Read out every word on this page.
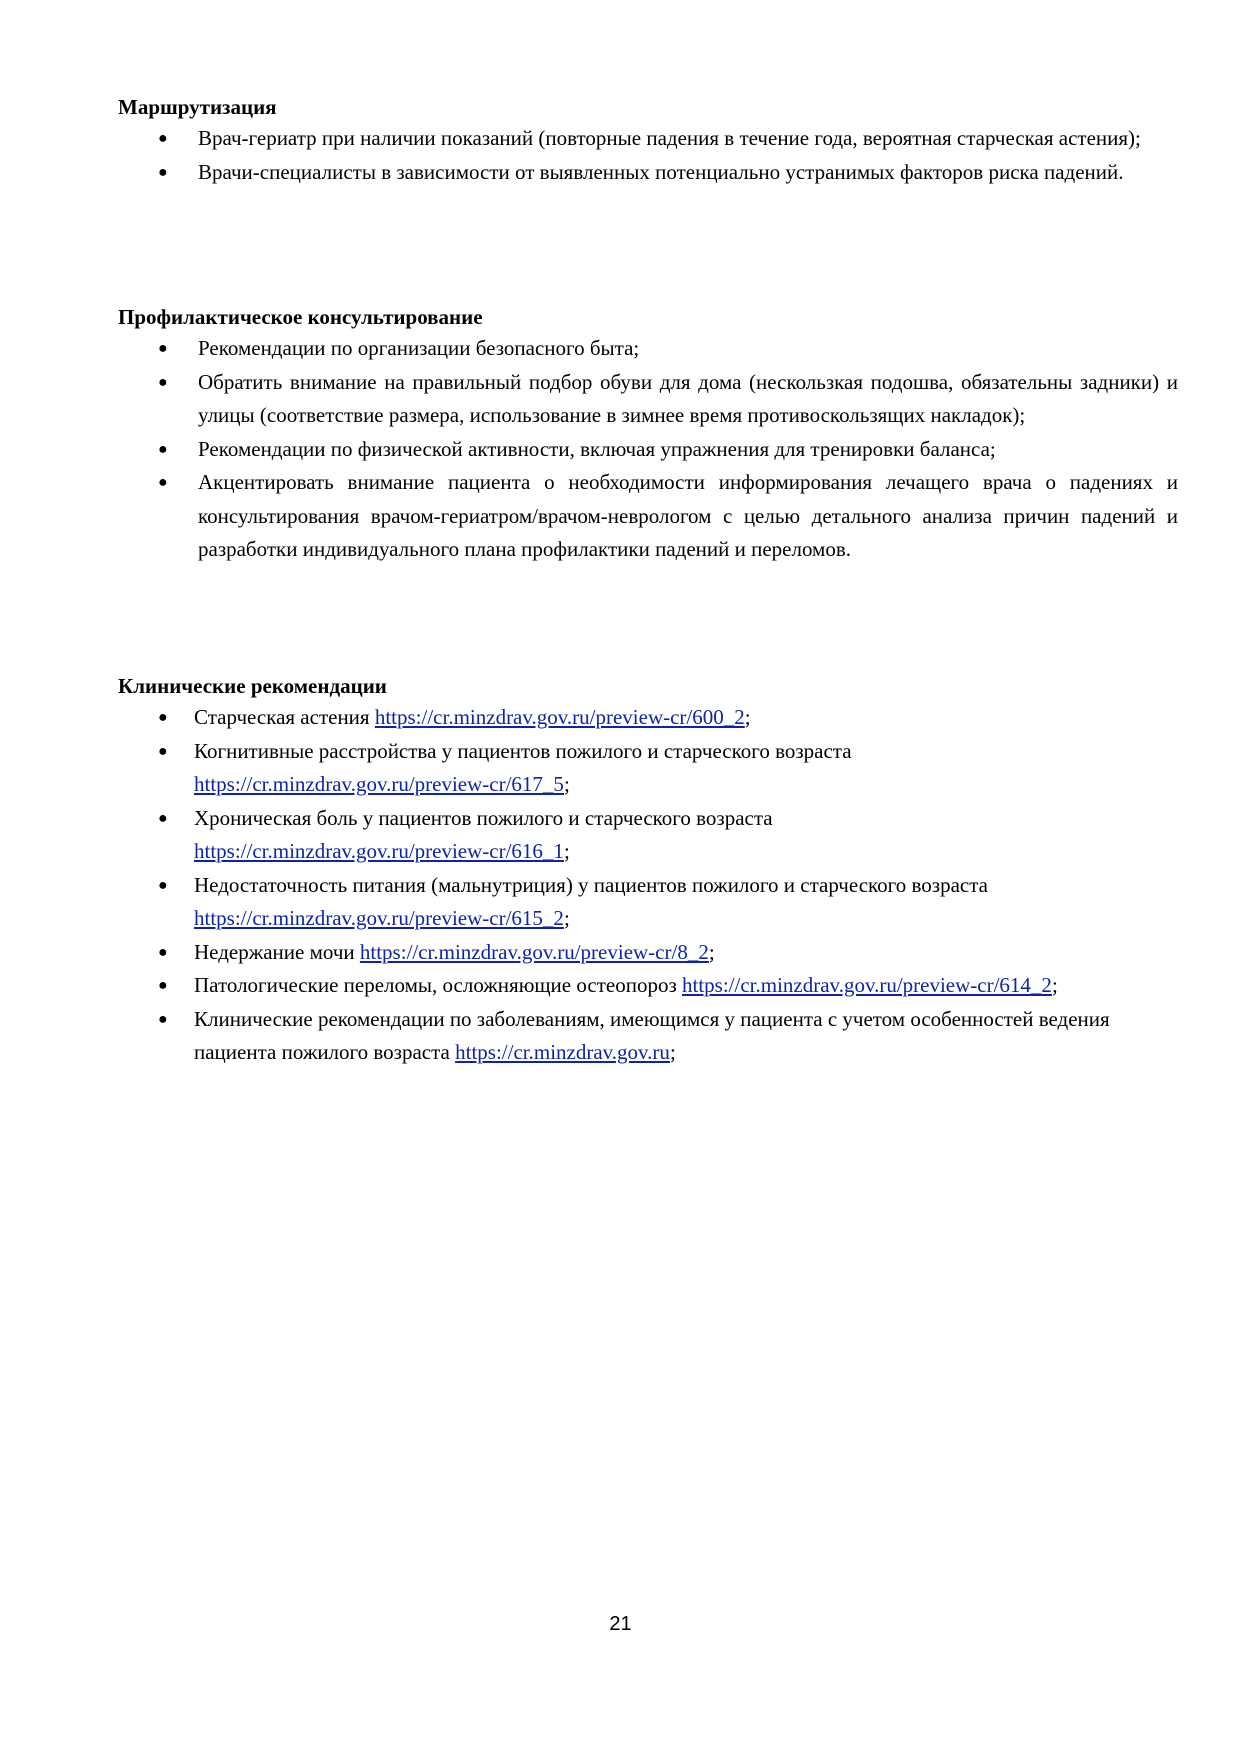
Маршрутизация

● Врач-гериатр при наличии показаний (повторные падения в течение года, вероятная старческая астения);
● Врачи-специалисты в зависимости от выявленных потенциально устранимых факторов риска падений.

Профилактическое консультирование

● Рекомендации по организации безопасного быта;
● Обратить внимание на правильный подбор обуви для дома (нескользкая подошва, обязательны задники) и улицы (соответствие размера, использование в зимнее время противоскользящих накладок);
● Рекомендации по физической активности, включая упражнения для тренировки баланса;
● Акцентировать внимание пациента о необходимости информирования лечащего врача о падениях и консультирования врачом-гериатром/врачом-неврологом с целью детального анализа причин падений и разработки индивидуального плана профилактики падений и переломов.

Клинические рекомендации

● Старческая астения https://cr.minzdrav.gov.ru/preview-cr/600_2;
● Когнитивные расстройства у пациентов пожилого и старческого возраста
https://cr.minzdrav.gov.ru/preview-cr/617_5;
● Хроническая боль у пациентов пожилого и старческого возраста
https://cr.minzdrav.gov.ru/preview-cr/616_1;
● Недостаточность питания (мальнутриция) у пациентов пожилого и старческого возраста
https://cr.minzdrav.gov.ru/preview-cr/615_2;
● Недержание мочи https://cr.minzdrav.gov.ru/preview-cr/8_2;
● Патологические переломы, осложняющие остеопороз https://cr.minzdrav.gov.ru/preview-cr/614_2;
● Клинические рекомендации по заболеваниям, имеющимся у пациента с учетом особенностей ведения пациента пожилого возраста https://cr.minzdrav.gov.ru;
21
